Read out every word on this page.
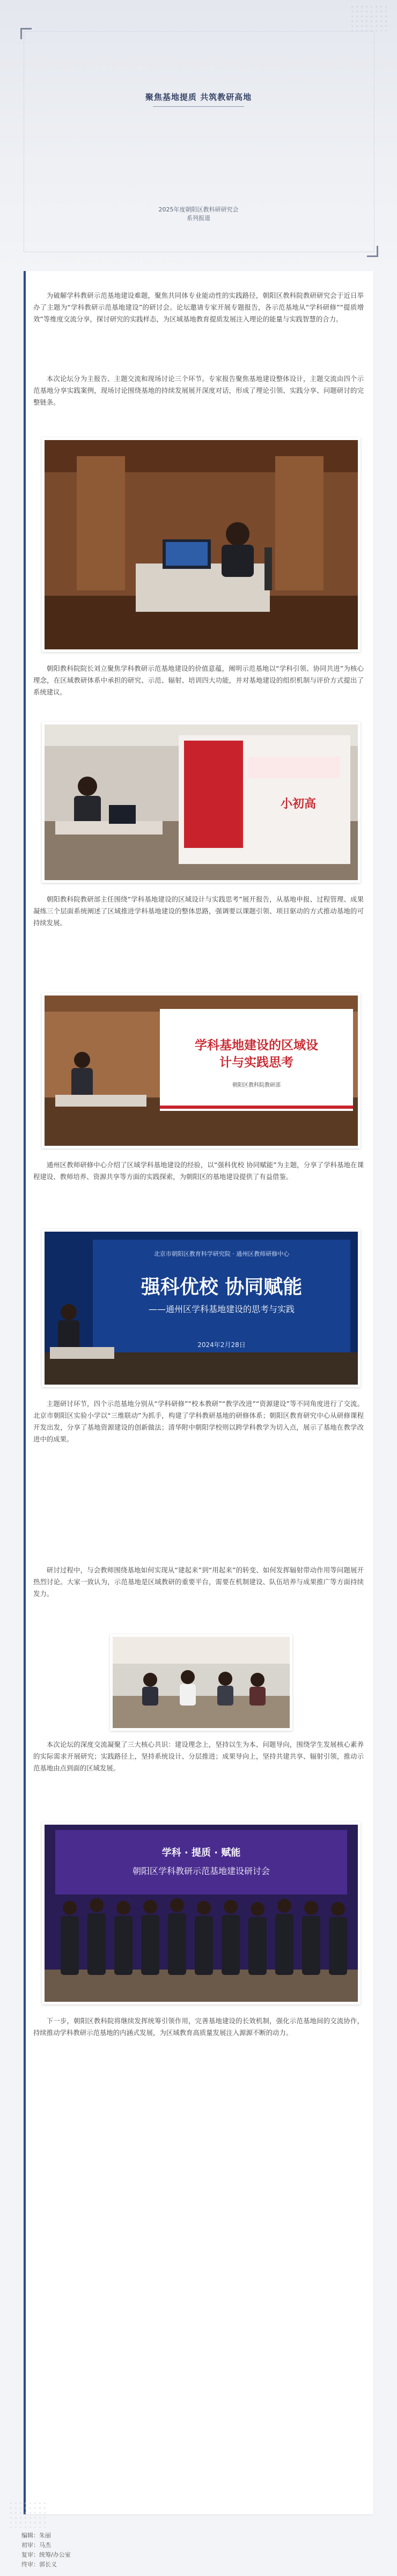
聚焦基地提质 共筑教研高地
2025年度朝阳区教科研研究会
系列报道
为破解学科教研示范基地建设难题，聚焦共同体专业能动性的实践路径，朝阳区教科院教研研究会于近日举办了主题为“学科教研示范基地建设”的研讨会。论坛邀请专家开展专题报告，各示范基地从“学科研修”“提质增效”等维度交流分享，探讨研究的实践样态，为区域基地教育提质发展注入理论的能量与实践智慧的合力。
本次论坛分为主报告、主题交流和现场讨论三个环节。专家报告聚焦基地建设整体设计，主题交流由四个示范基地分享实践案例，现场讨论围绕基地的持续发展展开深度对话，形成了理论引领、实践分享、问题研讨的完整链条。
朝阳教科院院长刘立聚焦学科教研示范基地建设的价值意蕴，阐明示范基地以“学科引领、协同共进”为核心理念，在区域教研体系中承担的研究、示范、辐射、培训四大功能，并对基地建设的组织机制与评价方式提出了系统建议。
小初高
朝阳教科院教研部主任围绕“学科基地建设的区域设计与实践思考”展开报告，从基地申报、过程管理、成果凝练三个层面系统阐述了区域推进学科基地建设的整体思路，强调要以课题引领、项目驱动的方式推动基地的可持续发展。
学科基地建设的区域设
计与实践思考
朝阳区教科院教研部
通州区教师研修中心介绍了区域学科基地建设的经验，以“强科优校 协同赋能”为主题，分享了学科基地在课程建设、教师培养、资源共享等方面的实践探索，为朝阳区的基地建设提供了有益借鉴。
北京市朝阳区教育科学研究院 · 通州区教师研修中心
强科优校 协同赋能
——通州区学科基地建设的思考与实践
2024年2月28日
主题研讨环节，四个示范基地分别从“学科研修”“校本教研”“教学改进”“资源建设”等不同角度进行了交流。北京市朝阳区实验小学以“三维联动”为抓手，构建了学科教研基地的研修体系；朝阳区教育研究中心从研修课程开发出发，分享了基地资源建设的创新做法；清华附中朝阳学校则以跨学科教学为切入点，展示了基地在教学改进中的成果。
研讨过程中，与会教师围绕基地如何实现从“建起来”到“用起来”的转变、如何发挥辐射带动作用等问题展开热烈讨论。大家一致认为，示范基地是区域教研的重要平台，需要在机制建设、队伍培养与成果推广等方面持续发力。
本次论坛的深度交流凝聚了三大核心共识：建设理念上，坚持以生为本、问题导向，围绕学生发展核心素养的实际需求开展研究；实践路径上，坚持系统设计、分层推进；成果导向上，坚持共建共享、辐射引领，推动示范基地由点到面的区域发展。
学科 · 提质 · 赋能
朝阳区学科教研示范基地建设研讨会
下一步，朝阳区教科院将继续发挥统筹引领作用，完善基地建设的长效机制，强化示范基地间的交流协作，持续推动学科教研示范基地的内涵式发展，为区域教育高质量发展注入源源不断的动力。
编辑：朱丽
初审：马杰
复审：统筹/办公室
终审：郭长义
